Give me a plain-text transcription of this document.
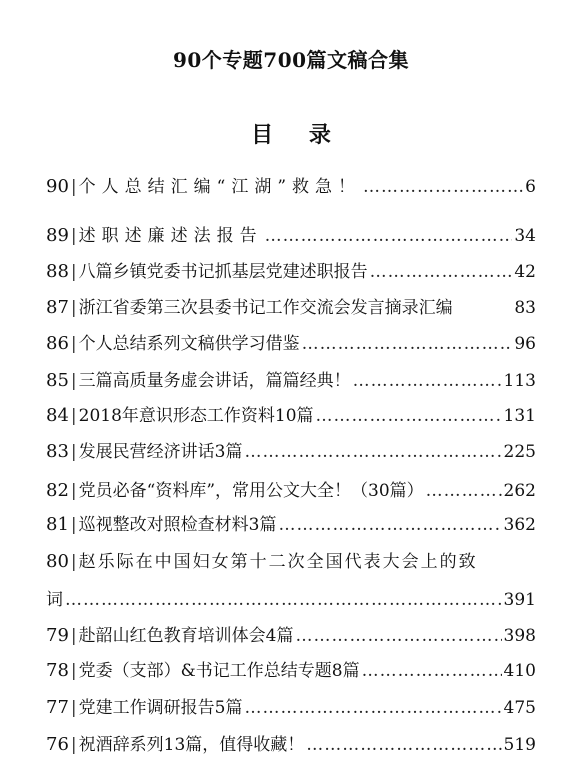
90个专题700篇文稿合集
目 录
90 | 个人总结汇编“江湖”救急！ ……………………………………………………………………………………………………………………………………………………………………	6
89 | 述职述廉述法报告 ……………………………………………………………………………………………………………………………………………………………………	34
88 | 八篇乡镇党委书记抓基层党建述职报告 ……………………………………………………………………………………………………………………………………………………………………	42
87 | 浙江省委第三次县委书记工作交流会发言摘录汇编	83
86 | 个人总结系列文稿供学习借鉴 ……………………………………………………………………………………………………………………………………………………………………	96
85 | 三篇高质量务虚会讲话，篇篇经典！ ……………………………………………………………………………………………………………………………………………………………………	113
84 | 2018年意识形态工作资料10篇 ……………………………………………………………………………………………………………………………………………………………………	131
83 | 发展民营经济讲话3篇 ……………………………………………………………………………………………………………………………………………………………………	225
82 | 党员必备“资料库”，常用公文大全！（30篇） ……………………………………………………………………………………………………………………………………………………………………	262
81 | 巡视整改对照检查材料3篇 ……………………………………………………………………………………………………………………………………………………………………	362
80 | 赵乐际在中国妇女第十二次全国代表大会上的致
词 ……………………………………………………………………………………………………………………………………………………………………	391
79 | 赴韶山红色教育培训体会4篇 ……………………………………………………………………………………………………………………………………………………………………	398
78 | 党委（支部）&书记工作总结专题8篇 ……………………………………………………………………………………………………………………………………………………………………	410
77 | 党建工作调研报告5篇 ……………………………………………………………………………………………………………………………………………………………………	475
76 | 祝酒辞系列13篇，值得收藏！ ……………………………………………………………………………………………………………………………………………………………………	519
